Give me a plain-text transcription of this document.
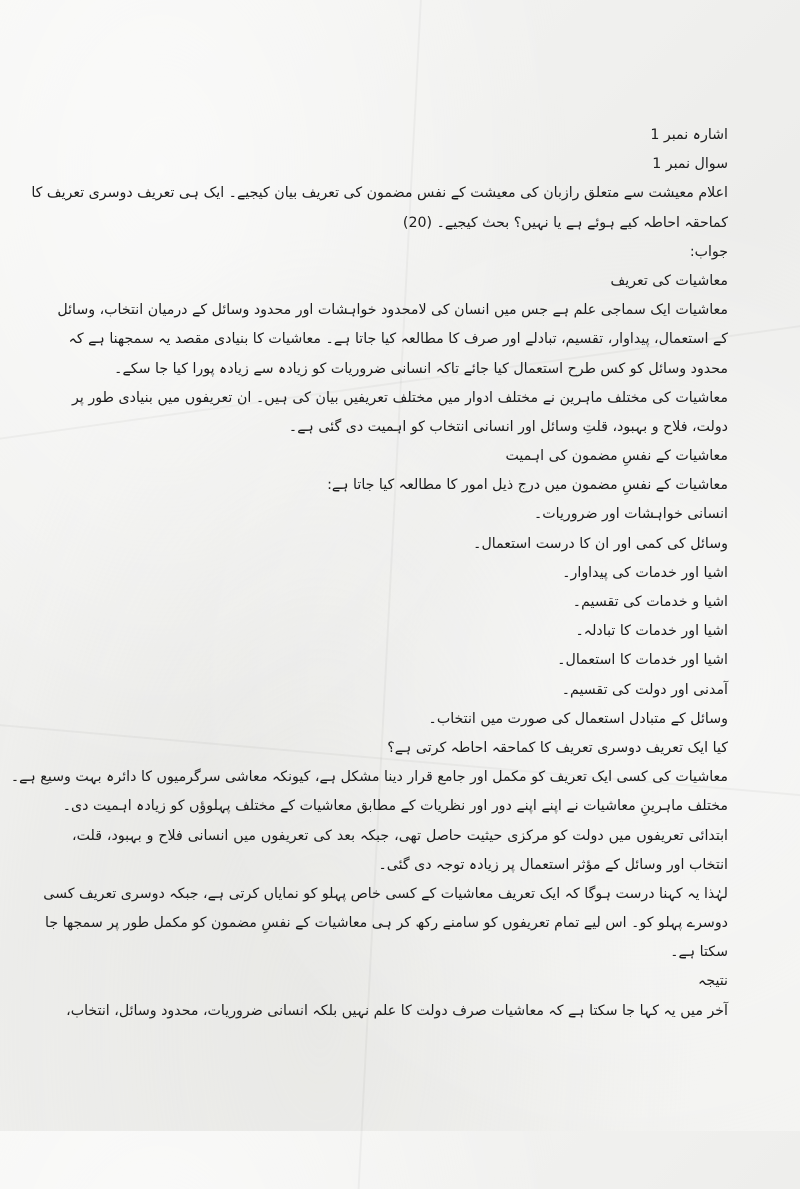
اشارہ نمبر 1
سوال نمبر 1
اعلام معیشت سے متعلق رازبان کی معیشت کے نفس مضمون کی تعریف بیان کیجیے۔ ایک ہی تعریف دوسری تعریف کا
کماحقہ احاطہ کیے ہوئے ہے یا نہیں؟ بحث کیجیے۔ (20)
جواب:
معاشیات کی تعریف
معاشیات ایک سماجی علم ہے جس میں انسان کی لامحدود خواہشات اور محدود وسائل کے درمیان انتخاب، وسائل
کے استعمال، پیداوار، تقسیم، تبادلے اور صرف کا مطالعہ کیا جاتا ہے۔ معاشیات کا بنیادی مقصد یہ سمجھنا ہے کہ
محدود وسائل کو کس طرح استعمال کیا جائے تاکہ انسانی ضروریات کو زیادہ سے زیادہ پورا کیا جا سکے۔
معاشیات کی مختلف ماہرین نے مختلف ادوار میں مختلف تعریفیں بیان کی ہیں۔ ان تعریفوں میں بنیادی طور پر
دولت، فلاح و بہبود، قلتِ وسائل اور انسانی انتخاب کو اہمیت دی گئی ہے۔
معاشیات کے نفسِ مضمون کی اہمیت
معاشیات کے نفسِ مضمون میں درج ذیل امور کا مطالعہ کیا جاتا ہے:
انسانی خواہشات اور ضروریات۔
وسائل کی کمی اور ان کا درست استعمال۔
اشیا اور خدمات کی پیداوار۔
اشیا و خدمات کی تقسیم۔
اشیا اور خدمات کا تبادلہ۔
اشیا اور خدمات کا استعمال۔
آمدنی اور دولت کی تقسیم۔
وسائل کے متبادل استعمال کی صورت میں انتخاب۔
کیا ایک تعریف دوسری تعریف کا کماحقہ احاطہ کرتی ہے؟
معاشیات کی کسی ایک تعریف کو مکمل اور جامع قرار دینا مشکل ہے، کیونکہ معاشی سرگرمیوں کا دائرہ بہت وسیع ہے۔
مختلف ماہرینِ معاشیات نے اپنے اپنے دور اور نظریات کے مطابق معاشیات کے مختلف پہلوؤں کو زیادہ اہمیت دی۔
ابتدائی تعریفوں میں دولت کو مرکزی حیثیت حاصل تھی، جبکہ بعد کی تعریفوں میں انسانی فلاح و بہبود، قلت،
انتخاب اور وسائل کے مؤثر استعمال پر زیادہ توجہ دی گئی۔
لہٰذا یہ کہنا درست ہوگا کہ ایک تعریف معاشیات کے کسی خاص پہلو کو نمایاں کرتی ہے، جبکہ دوسری تعریف کسی
دوسرے پہلو کو۔ اس لیے تمام تعریفوں کو سامنے رکھ کر ہی معاشیات کے نفسِ مضمون کو مکمل طور پر سمجھا جا
سکتا ہے۔
نتیجہ
آخر میں یہ کہا جا سکتا ہے کہ معاشیات صرف دولت کا علم نہیں بلکہ انسانی ضروریات، محدود وسائل، انتخاب،
